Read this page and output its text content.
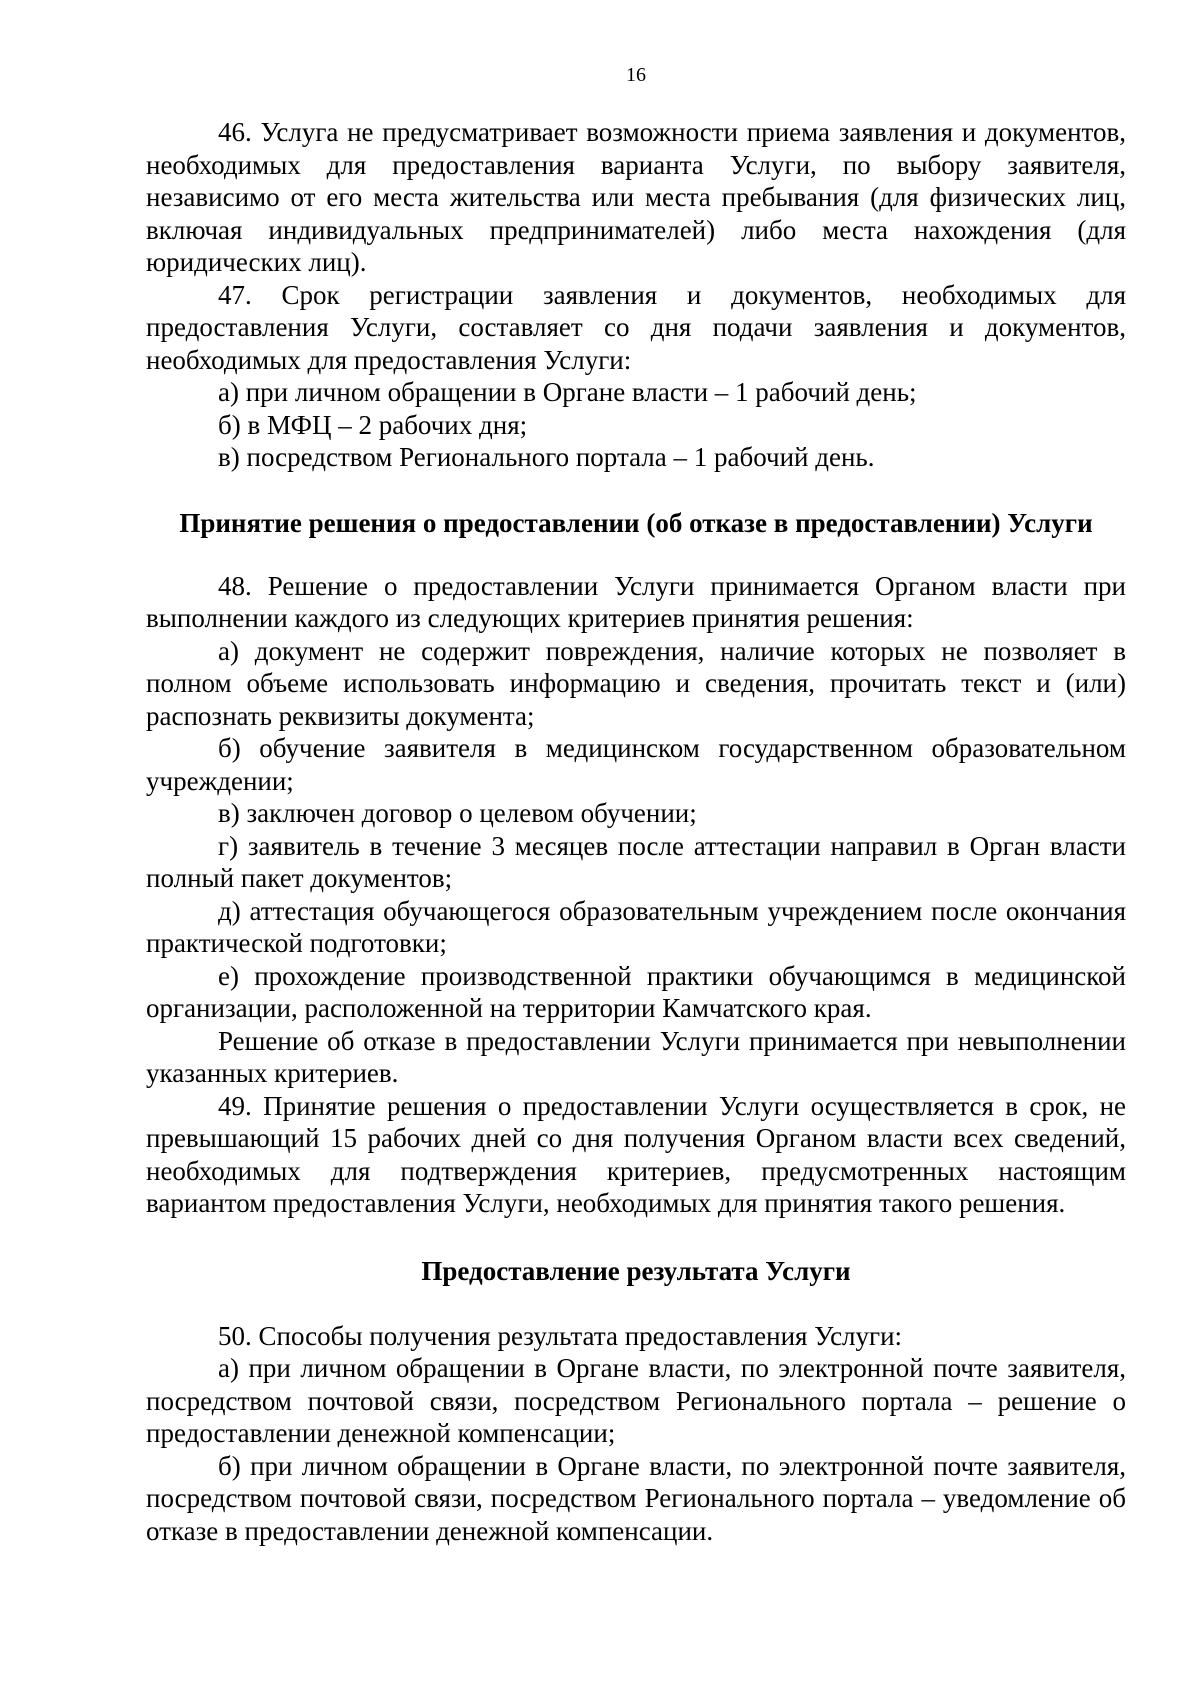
16

46. Услуга не предусматривает возможности приема заявления и документов, необходимых для предоставления варианта Услуги, по выбору заявителя, независимо от его места жительства или места пребывания (для физических лиц, включая индивидуальных предпринимателей) либо места нахождения (для юридических лиц).

47. Срок регистрации заявления и документов, необходимых для предоставления Услуги, составляет со дня подачи заявления и документов, необходимых для предоставления Услуги:

а) при личном обращении в Органе власти – 1 рабочий день;

б) в МФЦ – 2 рабочих дня;

в) посредством Регионального портала – 1 рабочий день.

Принятие решения о предоставлении (об отказе в предоставлении) Услуги

48. Решение о предоставлении Услуги принимается Органом власти при выполнении каждого из следующих критериев принятия решения:

а) документ не содержит повреждения, наличие которых не позволяет в полном объеме использовать информацию и сведения, прочитать текст и (или) распознать реквизиты документа;

б) обучение заявителя в медицинском государственном образовательном учреждении;

в) заключен договор о целевом обучении;

г) заявитель в течение 3 месяцев после аттестации направил в Орган власти полный пакет документов;

д) аттестация обучающегося образовательным учреждением после окончания практической подготовки;

е) прохождение производственной практики обучающимся в медицинской организации, расположенной на территории Камчатского края.

Решение об отказе в предоставлении Услуги принимается при невыполнении указанных критериев.

49. Принятие решения о предоставлении Услуги осуществляется в срок, не превышающий 15 рабочих дней со дня получения Органом власти всех сведений, необходимых для подтверждения критериев, предусмотренных настоящим вариантом предоставления Услуги, необходимых для принятия такого решения.

Предоставление результата Услуги

50. Способы получения результата предоставления Услуги:

а) при личном обращении в Органе власти, по электронной почте заявителя, посредством почтовой связи, посредством Регионального портала – решение о предоставлении денежной компенсации;

б) при личном обращении в Органе власти, по электронной почте заявителя, посредством почтовой связи, посредством Регионального портала – уведомление об отказе в предоставлении денежной компенсации.
